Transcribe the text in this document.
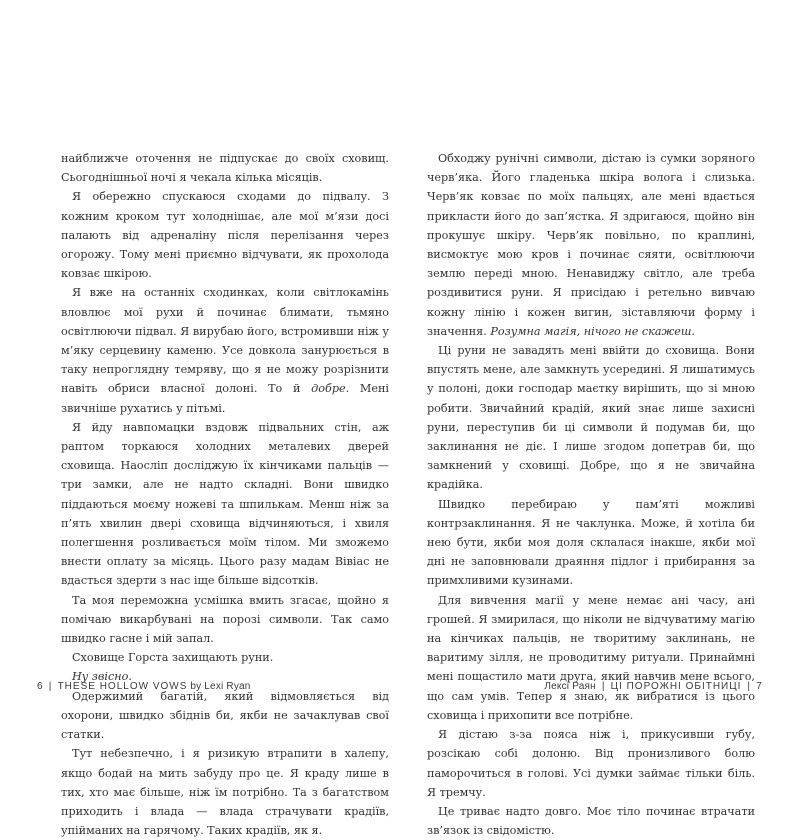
найближче оточення не підпускає до своїх сховищ. Сьогоднішньої ночі я чекала кілька місяців.

Я обережно спускаюся сходами до підвалу. З кожним кроком тут холоднішає, але мої м’язи досі палають від адреналіну після перелізання через огорожу. Тому мені приємно відчувати, як прохолода ковзає шкірою.

Я вже на останніх сходинках, коли світлокамінь вловлює мої рухи й починає блимати, тьмяно освітлюючи підвал. Я вирубаю його, встромивши ніж у м’яку серцевину каменю. Усе довкола занурюється в таку непроглядну темряву, що я не можу розрізнити навіть обриси власної долоні. То й добре. Мені звичніше рухатись у пітьмі.

Я йду навпомацки вздовж підвальних стін, аж раптом торкаюся холодних металевих дверей сховища. Наосліп досліджую їх кінчиками пальців — три замки, але не надто складні. Вони швидко піддаються моєму ножеві та шпилькам. Менш ніж за п’ять хвилин двері сховища відчиняються, і хвиля полегшення розливається моїм тілом. Ми зможемо внести оплату за місяць. Цього разу мадам Вівіас не вдасться здерти з нас іще більше відсотків.

Та моя переможна усмішка вмить згасає, щойно я помічаю викарбувані на порозі символи. Так само швидко гасне і мій запал.

Сховище Горста захищають руни.

Ну звісно.

Одержимий багатій, який відмовляється від охорони, швидко збіднів би, якби не зачаклував свої статки.

Тут небезпечно, і я ризикую втрапити в халепу, якщо бодай на мить забуду про це. Я краду лише в тих, хто має більше, ніж їм потрібно. Та з багатством приходить і влада — влада страчувати крадіїв, упійманих на гарячому. Таких крадіїв, як я.

Обходжу рунічні символи, дістаю із сумки зоряного черв’яка. Його гладенька шкіра волога і слизька. Черв’як ковзає по моїх пальцях, але мені вдається прикласти його до зап’ястка. Я здригаюся, щойно він прокушує шкіру. Черв’як повільно, по краплині, висмоктує мою кров і починає сяяти, освітлюючи землю переді мною. Ненавиджу світло, але треба роздивитися руни. Я присідаю і ретельно вивчаю кожну лінію і кожен вигин, зіставляючи форму і значення. Розумна магія, нічого не скажеш.

Ці руни не завадять мені ввійти до сховища. Вони впустять мене, але замкнуть усередині. Я лишатимусь у полоні, доки господар маєтку вирішить, що зі мною робити. Звичайний крадій, який знає лише захисні руни, переступив би ці символи й подумав би, що заклинання не діє. І лише згодом допетрав би, що замкнений у сховищі. Добре, що я не звичайна крадійка.

Швидко перебираю у пам’яті можливі контрзаклинання. Я не чаклунка. Може, й хотіла би нею бути, якби моя доля склалася інакше, якби мої дні не заповнювали драяння підлог і прибирання за примхливими кузинами.

Для вивчення магії у мене немає ані часу, ані грошей. Я змирилася, що ніколи не відчуватиму магію на кінчиках пальців, не творитиму заклинань, не варитиму зілля, не проводитиму ритуали. Принаймні мені пощастило мати друга, який навчив мене всього, що сам умів. Тепер я знаю, як вибратися із цього сховища і прихопити все потрібне.

Я дістаю з-за пояса ніж і, прикусивши губу, розсікаю собі долоню. Від пронизливого болю паморочиться в голові. Усі думки займає тільки біль. Я тремчу.

Це триває надто довго. Моє тіло починає втрачати зв’язок із свідомістю.

6 | THESE HOLLOW VOWS by Lexi Ryan	Лексі Раян | ЦІ ПОРОЖНІ ОБІТНИЦІ | 7
